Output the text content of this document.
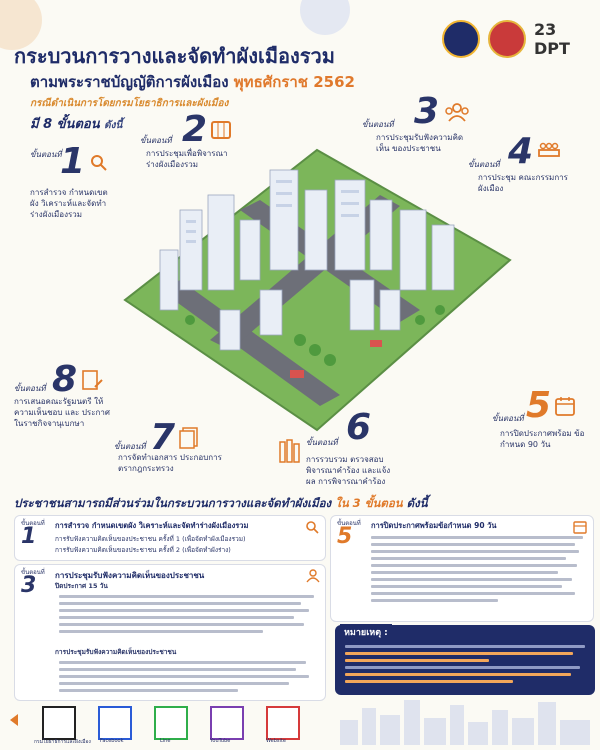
23 DPT
กระบวนการวางและจัดทำผังเมืองรวม
ตามพระราชบัญญัติการผังเมือง พุทธศักราช 2562
กรณีดำเนินการโดยกรมโยธาธิการและผังเมือง
มี 8 ขั้นตอน ดังนี้
ขั้นตอนที่
1
การสำรวจ กำหนดเขตผัง วิเคราะห์และจัดทำ ร่างผังเมืองรวม
ขั้นตอนที่ 2
การประชุมเพื่อพิจารณา ร่างผังเมืองรวม
ขั้นตอนที่ 3
การประชุมรับฟังความคิดเห็น ของประชาชน
ขั้นตอนที่ 4
การประชุม คณะกรรมการผังเมือง
ขั้นตอนที่ 5
การปิดประกาศพร้อม ข้อกำหนด 90 วัน
ขั้นตอนที่ 6
การรวบรวม ตรวจสอบ พิจารณาคำร้อง และแจ้งผล การพิจารณาคำร้อง
ขั้นตอนที่ 7
การจัดทำเอกสาร ประกอบการตรากฎกระทรวง
ขั้นตอนที่ 8
การเสนอคณะรัฐมนตรี ให้ความเห็นชอบ และ ประกาศในราชกิจจานุเบกษา
ประชาชนสามารถมีส่วนร่วมในกระบวนการวางและจัดทำผังเมือง ใน 3 ขั้นตอน ดังนี้
ขั้นตอนที่
1 การสำรวจ กำหนดเขตผัง วิเคราะห์และจัดทำร่างผังเมืองรวม
การรับฟังความคิดเห็นของประชาชน ครั้งที่ 1 (เพื่อจัดทำผังเมืองรวม)
การรับฟังความคิดเห็นของประชาชน ครั้งที่ 2 (เพื่อจัดทำผังร่าง)
ขั้นตอนที่
3 การประชุมรับฟังความคิดเห็นของประชาชน
ปิดประกาศ 15 วัน
การประชุมรับฟังความคิดเห็นของประชาชน
ขั้นตอนที่
5 การปิดประกาศพร้อมข้อกำหนด 90 วัน
หมายเหตุ :
กรมโยธาธิการและผังเมือง Facebook	Line	YouTube	Website
